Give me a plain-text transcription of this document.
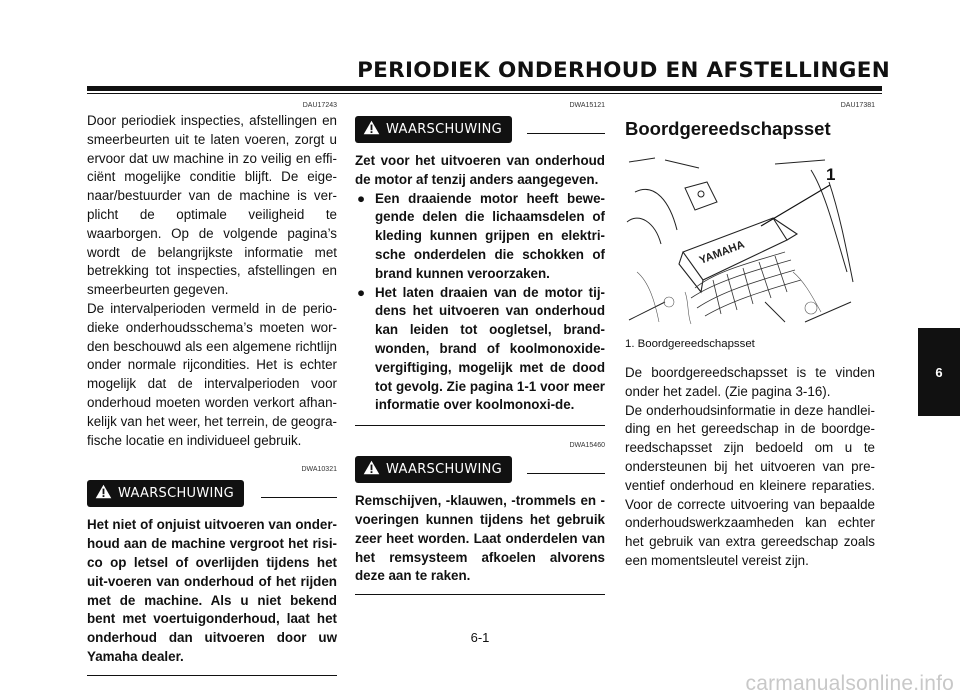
PERIODIEK ONDERHOUD EN AFSTELLINGEN
DAU17243

Door periodiek inspecties, afstellingen en smeerbeurten uit te laten voeren, zorgt u ervoor dat uw machine in zo veilig en effi-ciënt mogelijke conditie blijft. De eige-naar/bestuurder van de machine is ver-plicht de optimale veiligheid te waarborgen. Op de volgende pagina’s wordt de belangrijkste informatie met betrekking tot inspecties, afstellingen en smeerbeurten gegeven.

De intervalperioden vermeld in de perio-dieke onderhoudsschema’s moeten wor-den beschouwd als een algemene richtlijn onder normale rijcondities. Het is echter mogelijk dat de intervalperioden voor onderhoud moeten worden verkort afhan-kelijk van het weer, het terrein, de geogra-fische locatie en individueel gebruik.

DWA10321
WAARSCHUWING

Het niet of onjuist uitvoeren van onder-houd aan de machine vergroot het risi-co op letsel of overlijden tijdens het uit-voeren van onderhoud of het rijden met de machine. Als u niet bekend bent met voertuigonderhoud, laat het onderhoud dan uitvoeren door uw Yamaha dealer.

DWA15121
WAARSCHUWING

Zet voor het uitvoeren van onderhoud de motor af tenzij anders aangegeven.

● Een draaiende motor heeft bewe-gende delen die lichaamsdelen of kleding kunnen grijpen en elektri-sche onderdelen die schokken of brand kunnen veroorzaken.
● Het laten draaien van de motor tij-dens het uitvoeren van onderhoud kan leiden tot oogletsel, brand-wonden, brand of koolmonoxide-vergiftiging, mogelijk met de dood tot gevolg. Zie pagina 1-1 voor meer informatie over koolmonoxi-de.
DWA15460
WAARSCHUWING

Remschijven, -klauwen, -trommels en -voeringen kunnen tijdens het gebruik zeer heet worden. Laat onderdelen van het remsysteem afkoelen alvorens deze aan te raken.

DAU17381
Boordgereedschapsset
YAMAHA
1
1. Boordgereedschapsset

De boordgereedschapsset is te vinden onder het zadel. (Zie pagina 3-16).

De onderhoudsinformatie in deze handlei-ding en het gereedschap in de boordge-reedschapsset zijn bedoeld om u te ondersteunen bij het uitvoeren van pre-ventief onderhoud en kleinere reparaties. Voor de correcte uitvoering van bepaalde onderhoudswerkzaamheden kan echter het gebruik van extra gereedschap zoals een momentsleutel vereist zijn.

6
6-1
carmanualsonline.info
